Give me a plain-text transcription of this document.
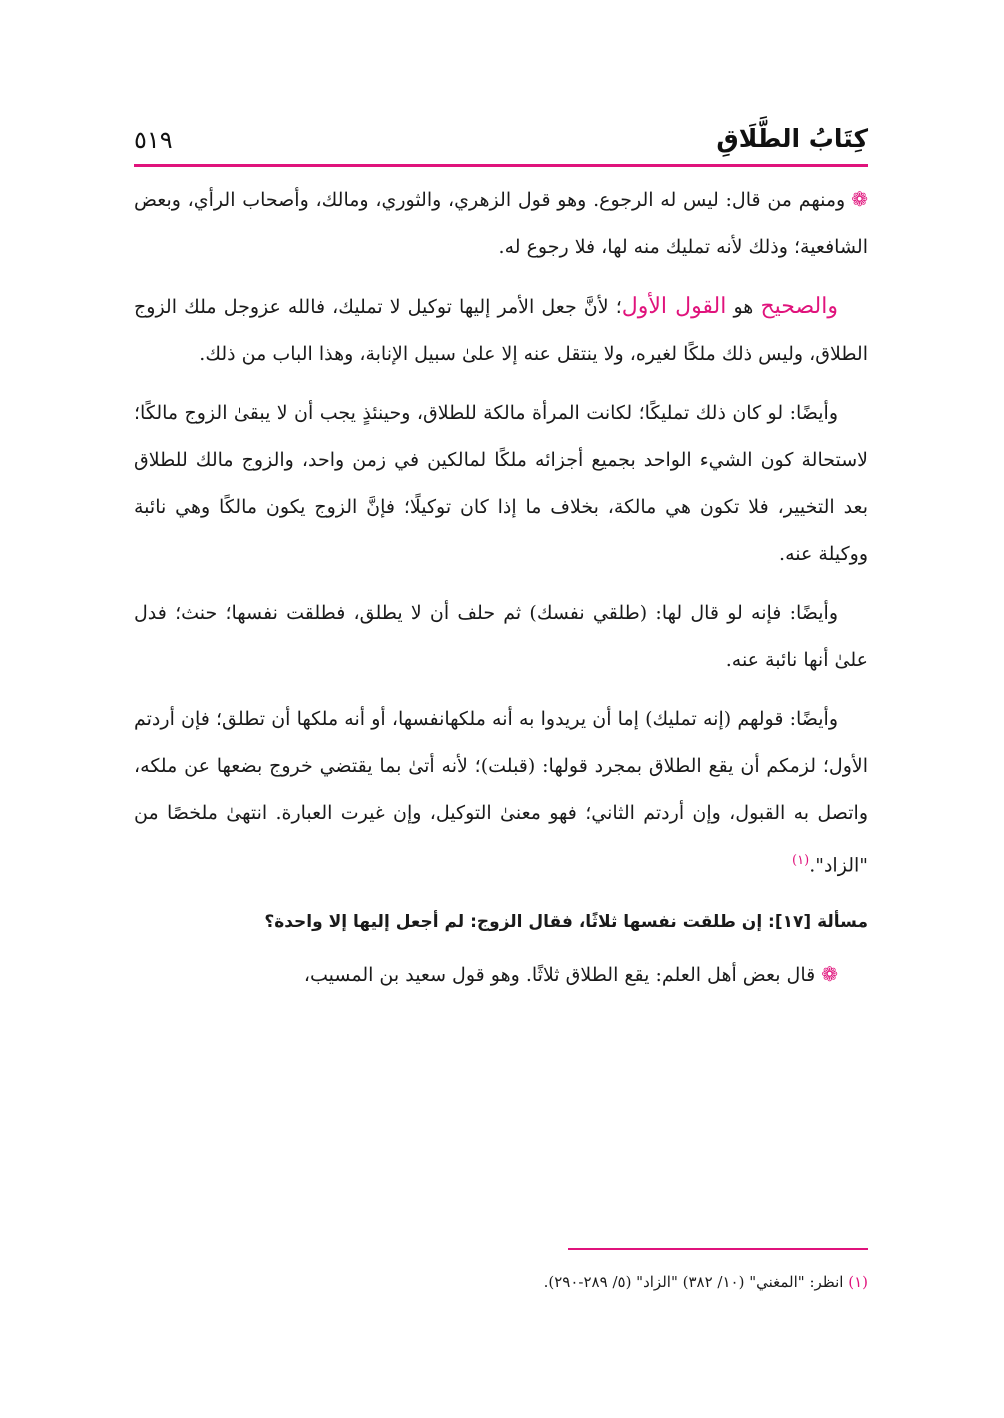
كِتَابُ الطَّلَاقِ
٥١٩

❁ومنهم من قال: ليس له الرجوع. وهو قول الزهري، والثوري، ومالك، وأصحاب الرأي، وبعض الشافعية؛ وذلك لأنه تمليك منه لها، فلا رجوع له.

والصحيح هو القول الأول؛ لأنَّ جعل الأمر إليها توكيل لا تمليك، فالله عزوجل ملك الزوج الطلاق، وليس ذلك ملكًا لغيره، ولا ينتقل عنه إلا علىٰ سبيل الإنابة، وهذا الباب من ذلك.

وأيضًا: لو كان ذلك تمليكًا؛ لكانت المرأة مالكة للطلاق، وحينئذٍ يجب أن لا يبقىٰ الزوج مالكًا؛ لاستحالة كون الشيء الواحد بجميع أجزائه ملكًا لمالكين في زمن واحد، والزوج مالك للطلاق بعد التخيير، فلا تكون هي مالكة، بخلاف ما إذا كان توكيلًا؛ فإنَّ الزوج يكون مالكًا وهي نائبة ووكيلة عنه.

وأيضًا: فإنه لو قال لها: (طلقي نفسك) ثم حلف أن لا يطلق، فطلقت نفسها؛ حنث؛ فدل علىٰ أنها نائبة عنه.

وأيضًا: قولهم (إنه تمليك) إما أن يريدوا به أنه ملكهانفسها، أو أنه ملكها أن تطلق؛ فإن أردتم الأول؛ لزمكم أن يقع الطلاق بمجرد قولها: (قبلت)؛ لأنه أتىٰ بما يقتضي خروج بضعها عن ملكه، واتصل به القبول، وإن أردتم الثاني؛ فهو معنىٰ التوكيل، وإن غيرت العبارة. انتهىٰ ملخصًا من "الزاد".$^{(١)}$

مسألة [١٧]: إن طلقت نفسها ثلاثًا، فقال الزوج: لم أجعل إليها إلا واحدة؟

❁قال بعض أهل العلم: يقع الطلاق ثلاثًا. وهو قول سعيد بن المسيب،

(١) انظر: "المغني" (١٠/ ٣٨٢) "الزاد" (٥/ ٢٨٩-٢٩٠).
